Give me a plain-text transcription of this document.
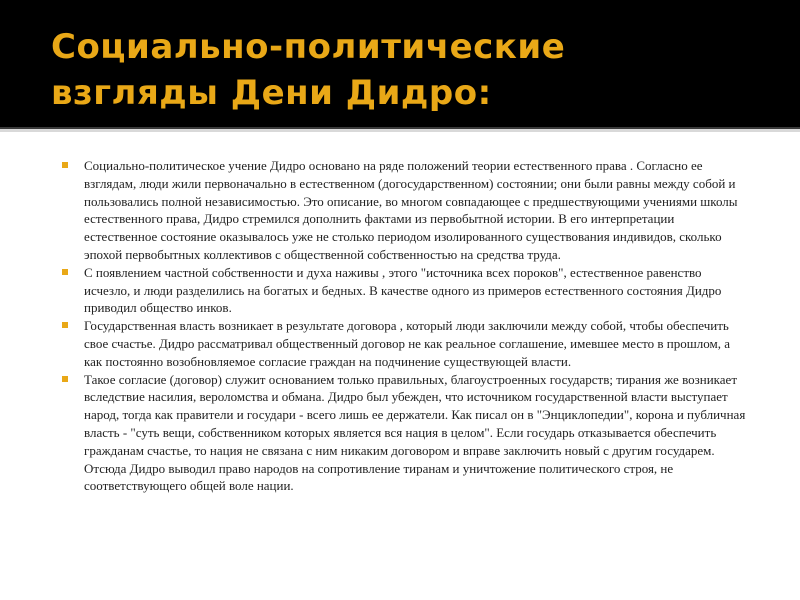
Социально-политические
взгляды Дени Дидро:
Социально-политическое учение Дидро основано на ряде положений теории естественного права . Согласно ее взглядам, люди жили первоначально в естественном (догосударственном) состоянии; они были равны между собой и пользовались полной независимостью. Это описание, во многом совпадающее с предшествующими учениями школы естественного права, Дидро стремился дополнить фактами из первобытной истории. В его интерпретации естественное состояние оказывалось уже не столько периодом изолированного существования индивидов, сколько эпохой первобытных коллективов с общественной собственностью на средства труда.
С появлением частной собственности и духа наживы , этого "источника всех пороков", естественное равенство исчезло, и люди разделились на богатых и бедных. В качестве одного из примеров естественного состояния Дидро приводил общество инков.
Государственная власть возникает в результате договора , который люди заключили между собой, чтобы обеспечить свое счастье. Дидро рассматривал общественный договор не как реальное соглашение, имевшее место в прошлом, а как постоянно возобновляемое согласие граждан на подчинение существующей власти.
Такое согласие (договор) служит основанием только правильных, благоустроенных государств; тирания же возникает вследствие насилия, вероломства и обмана. Дидро был убежден, что источником государственной власти выступает народ, тогда как правители и государи - всего лишь ее держатели. Как писал он в "Энциклопедии", корона и публичная власть - "суть вещи, собственником которых является вся нация в целом". Если государь отказывается обеспечить гражданам счастье, то нация не связана с ним никаким договором и вправе заключить новый с другим государем. Отсюда Дидро выводил право народов на сопротивление тиранам и уничтожение политического строя, не соответствующего общей воле нации.
